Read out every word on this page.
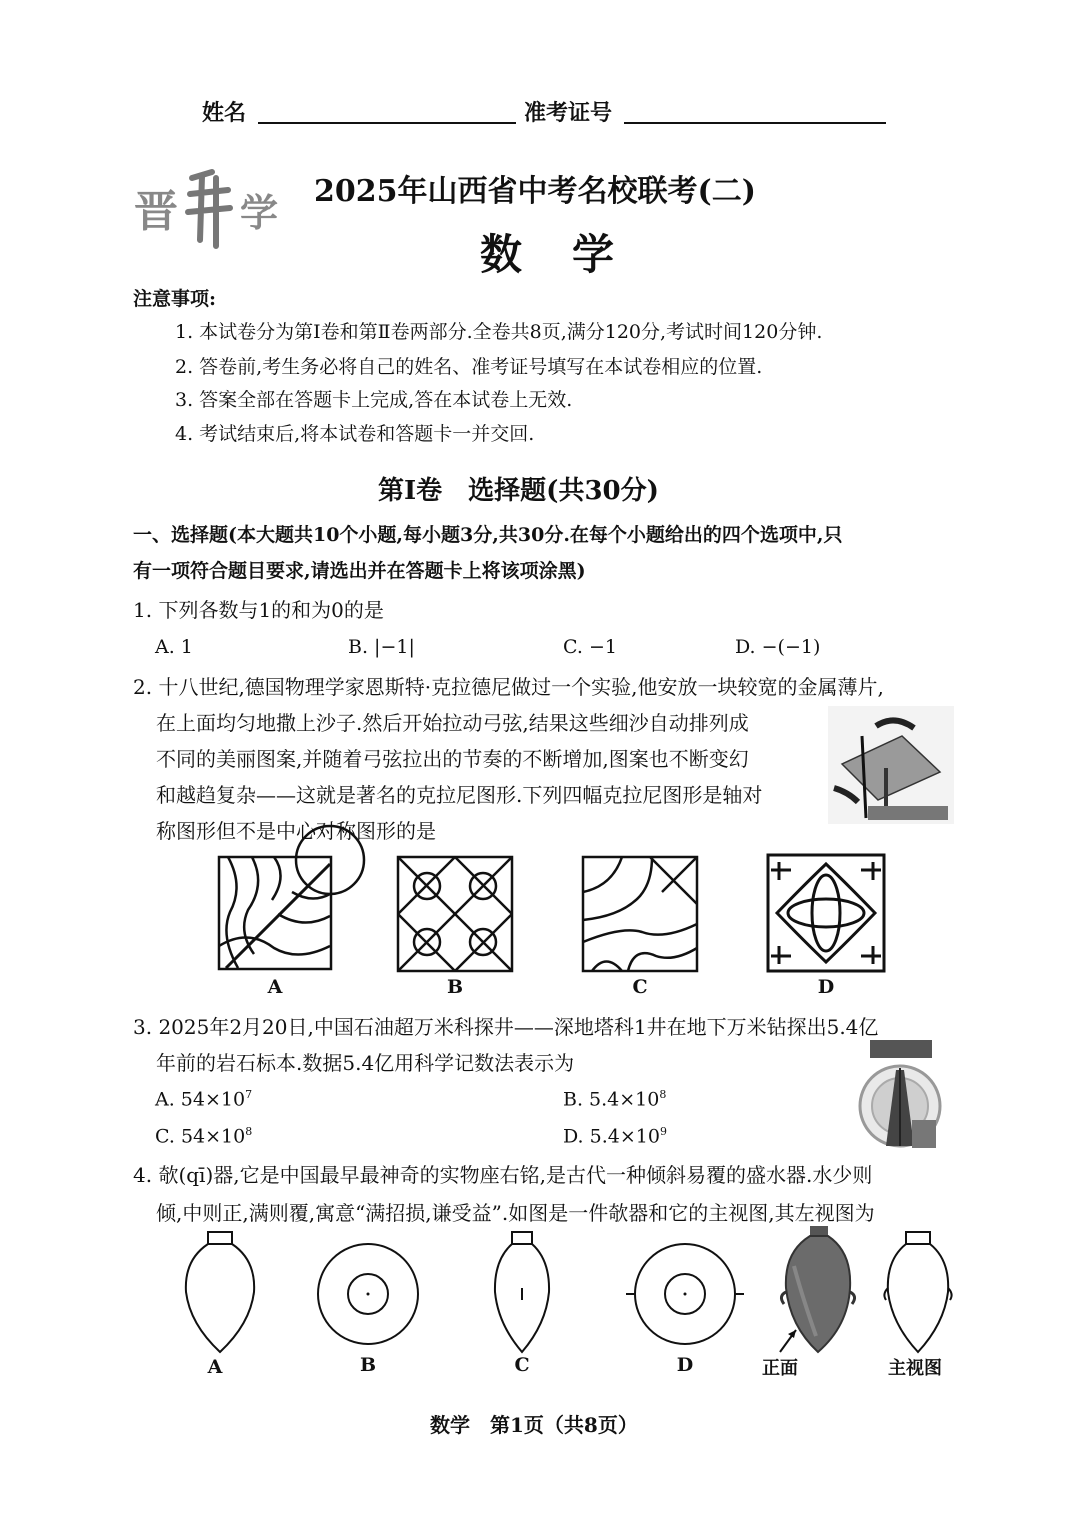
姓名	准考证号
晋 学 2025年山西省中考名校联考(二)
数　学
注意事项:
1. 本试卷分为第Ⅰ卷和第Ⅱ卷两部分.全卷共8页,满分120分,考试时间120分钟.
2. 答卷前,考生务必将自己的姓名、准考证号填写在本试卷相应的位置.
3. 答案全部在答题卡上完成,答在本试卷上无效.
4. 考试结束后,将本试卷和答题卡一并交回.
第Ⅰ卷　选择题(共30分)
一、选择题(本大题共10个小题,每小题3分,共30分.在每个小题给出的四个选项中,只
有一项符合题目要求,请选出并在答题卡上将该项涂黑)
1. 下列各数与1的和为0的是
A. 1	B. |−1|	C. −1	D. −(−1)
2. 十八世纪,德国物理学家恩斯特·克拉德尼做过一个实验,他安放一块较宽的金属薄片,
在上面均匀地撒上沙子.然后开始拉动弓弦,结果这些细沙自动排列成
不同的美丽图案,并随着弓弦拉出的节奏的不断增加,图案也不断变幻
和越趋复杂——这就是著名的克拉尼图形.下列四幅克拉尼图形是轴对
称图形但不是中心对称图形的是
A	B	C	D
3. 2025年2月20日,中国石油超万米科探井——深地塔科1井在地下万米钻探出5.4亿
年前的岩石标本.数据5.4亿用科学记数法表示为
A. $54\times 10^7$	B. $5.4\times 10^8$
C. $54\times 10^8$	D. $5.4\times 10^9$
4. 欹(qī)器,它是中国最早最神奇的实物座右铭,是古代一种倾斜易覆的盛水器.水少则
倾,中则正,满则覆,寓意“满招损,谦受益”.如图是一件欹器和它的主视图,其左视图为
A	B	C	D	正面	主视图
数学　第1页（共8页）
